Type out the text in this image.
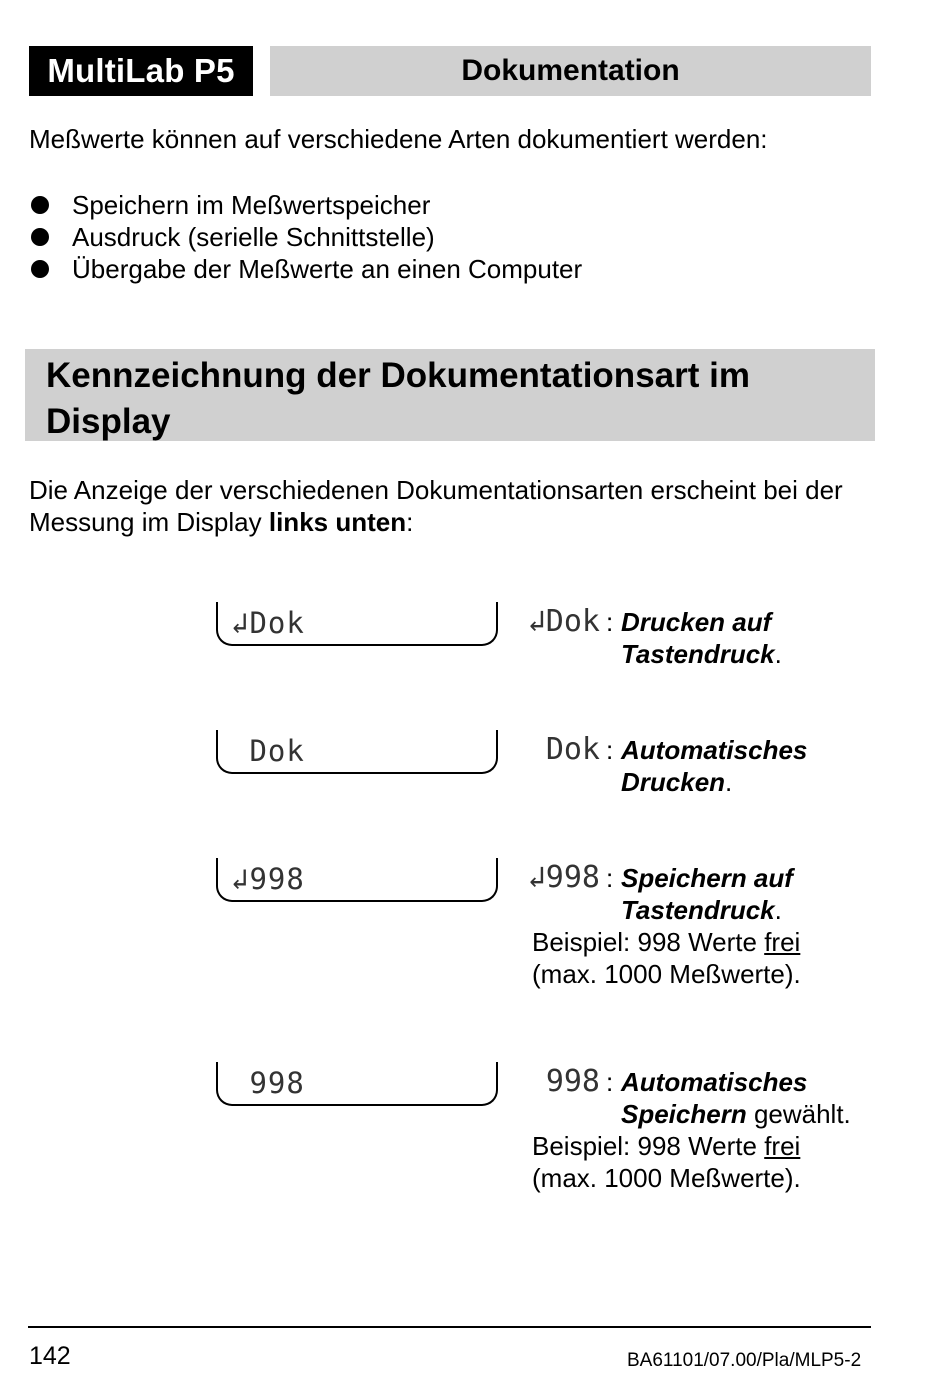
MultiLab P5	Dokumentation
Meßwerte können auf verschiedene Arten dokumentiert werden:
Speichern im Meßwertspeicher
Ausdruck (serielle Schnittstelle)
Übergabe der Meßwerte an einen Computer
Kennzeichnung der Dokumentationsart im
Display
Die Anzeige der verschiedenen Dokumentationsarten erscheint bei der Messung im Display links unten:
↲Dok	↲Dok : Drucken auf
Tastendruck.
Dok	Dok : Automatisches
Drucken.
↲998	↲998 : Speichern auf
Tastendruck.
Beispiel: 998 Werte frei
(max. 1000 Meßwerte).
998	998 : Automatisches
Speichern gewählt.
Beispiel: 998 Werte frei
(max. 1000 Meßwerte).
142	BA61101/07.00/Pla/MLP5-2
